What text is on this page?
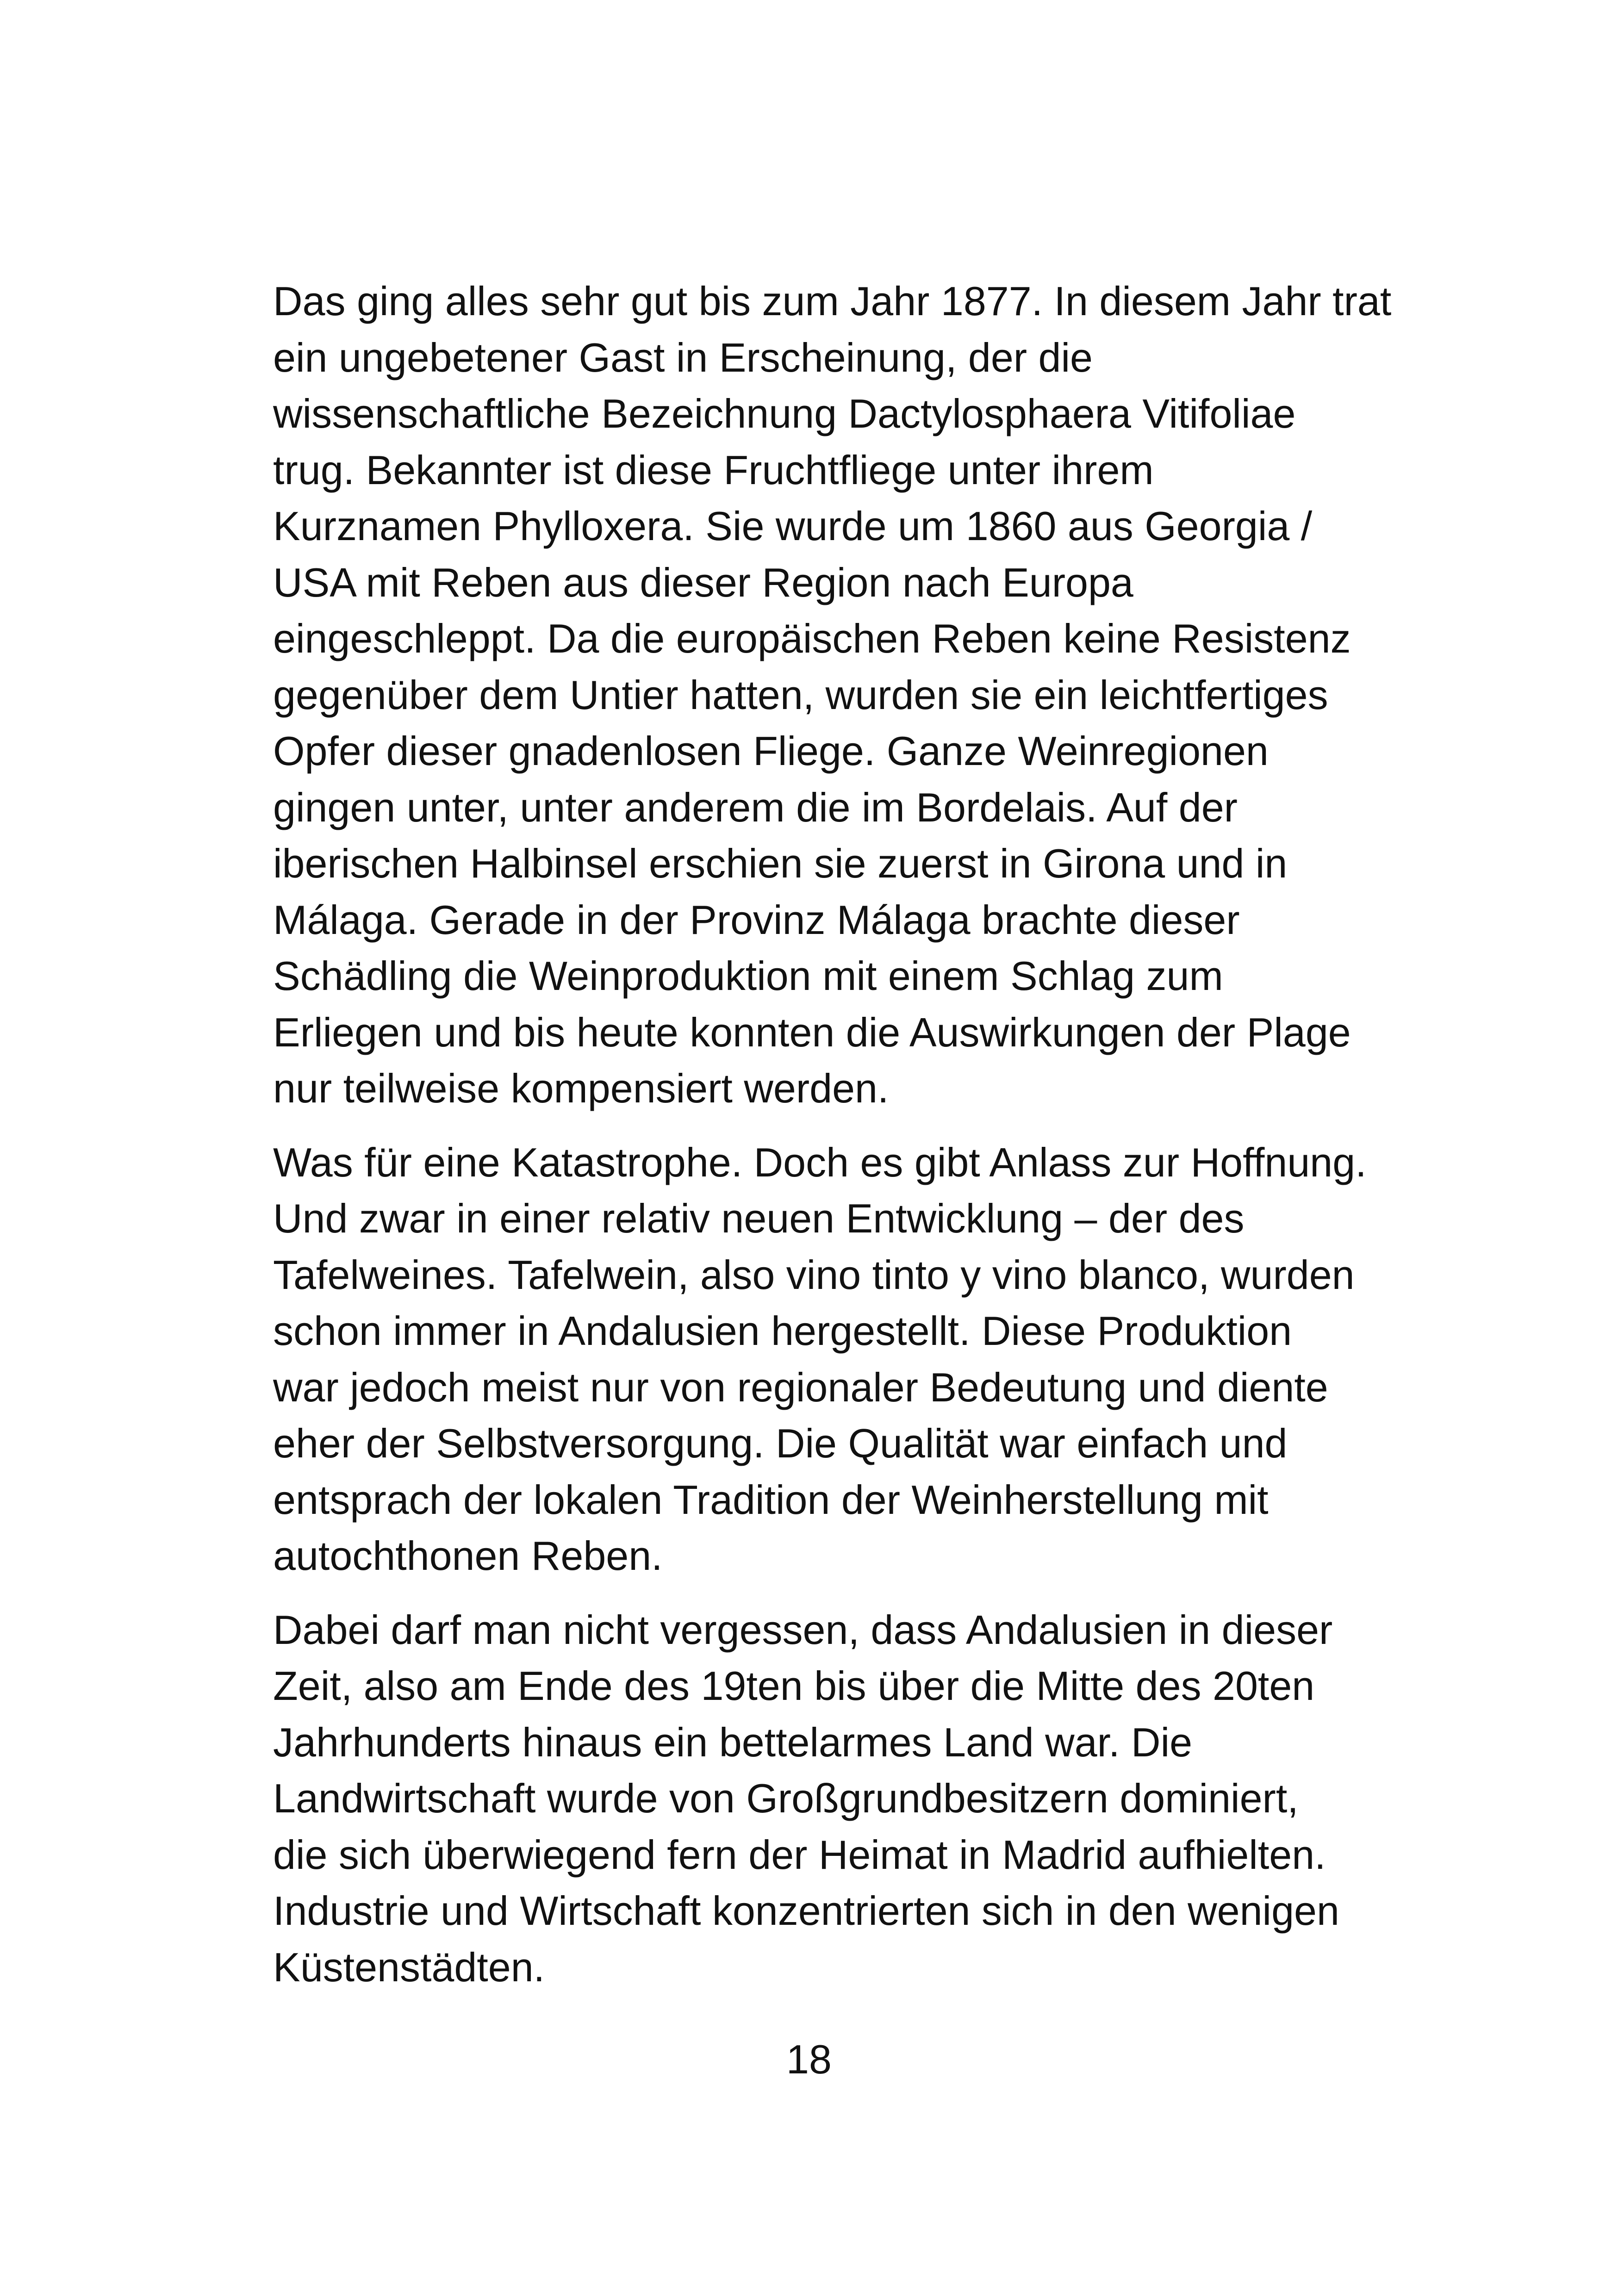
Das ging alles sehr gut bis zum Jahr 1877. In diesem Jahr trat
ein ungebetener Gast in Erscheinung, der die
wissenschaftliche Bezeichnung Dactylosphaera Vitifoliae
trug. Bekannter ist diese Fruchtfliege unter ihrem
Kurznamen Phylloxera. Sie wurde um 1860 aus Georgia /
USA mit Reben aus dieser Region nach Europa
eingeschleppt. Da die europäischen Reben keine Resistenz
gegenüber dem Untier hatten, wurden sie ein leichtfertiges
Opfer dieser gnadenlosen Fliege. Ganze Weinregionen
gingen unter, unter anderem die im Bordelais. Auf der
iberischen Halbinsel erschien sie zuerst in Girona und in
Málaga. Gerade in der Provinz Málaga brachte dieser
Schädling die Weinproduktion mit einem Schlag zum
Erliegen und bis heute konnten die Auswirkungen der Plage
nur teilweise kompensiert werden.
Was für eine Katastrophe. Doch es gibt Anlass zur Hoffnung.
Und zwar in einer relativ neuen Entwicklung – der des
Tafelweines. Tafelwein, also vino tinto y vino blanco, wurden
schon immer in Andalusien hergestellt. Diese Produktion
war jedoch meist nur von regionaler Bedeutung und diente
eher der Selbstversorgung. Die Qualität war einfach und
entsprach der lokalen Tradition der Weinherstellung mit
autochthonen Reben.
Dabei darf man nicht vergessen, dass Andalusien in dieser
Zeit, also am Ende des 19ten bis über die Mitte des 20ten
Jahrhunderts hinaus ein bettelarmes Land war. Die
Landwirtschaft wurde von Großgrundbesitzern dominiert,
die sich überwiegend fern der Heimat in Madrid aufhielten.
Industrie und Wirtschaft konzentrierten sich in den wenigen
Küstenstädten.
18
